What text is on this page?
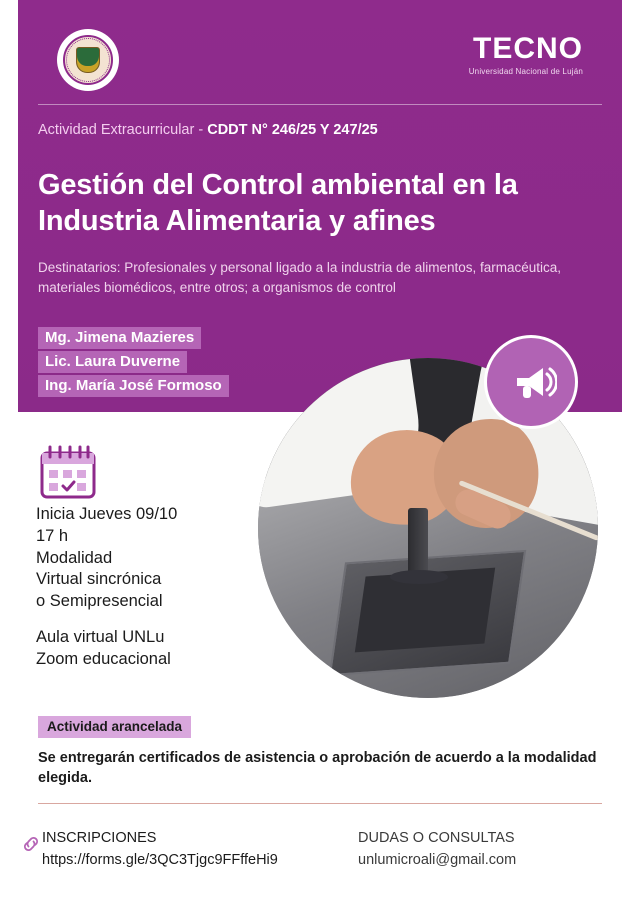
TECNO
Universidad Nacional de Luján
Actividad Extracurricular - CDDT N° 246/25 Y 247/25
Gestión del Control ambiental en la Industria Alimentaria y afines
Destinatarios: Profesionales y personal ligado a la industria de alimentos, farmacéutica, materiales biomédicos, entre otros; a organismos de control
Mg. Jimena Mazieres
Lic. Laura Duverne
Ing. María José Formoso
Inicia Jueves 09/10
17 h
Modalidad
Virtual sincrónica
o Semipresencial
Aula virtual UNLu
Zoom educacional
Actividad arancelada
Se entregarán certificados de asistencia o aprobación de acuerdo a la modalidad elegida.
INSCRIPCIONES
https://forms.gle/3QC3Tjgc9FFffeHi9
DUDAS O CONSULTAS
unlumicroali@gmail.com
